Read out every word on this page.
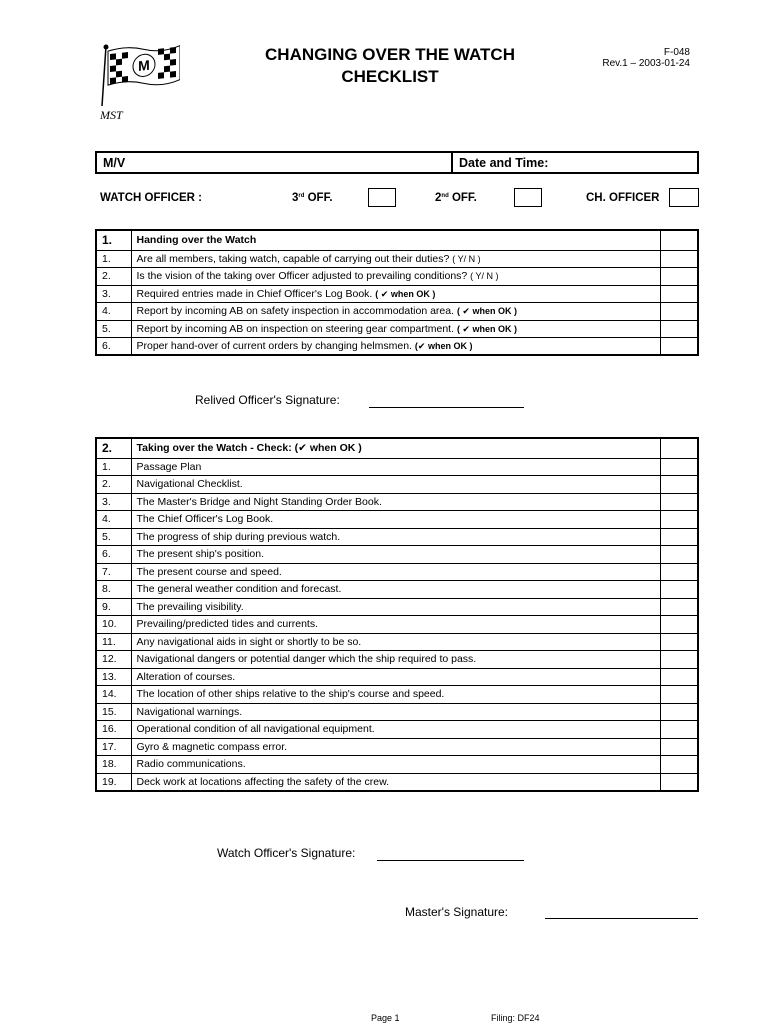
M
MST
CHANGING OVER THE WATCH
CHECKLIST
F-048
Rev.1 – 2003-01-24
M/V	Date and Time:
WATCH OFFICER :	3rd OFF.	2nd OFF.	CH. OFFICER
1.	Handing over the Watch	
1.	Are all members, taking watch, capable of carrying out their duties? ( Y/ N )	
2.	Is the vision of the taking over Officer adjusted to prevailing conditions? ( Y/ N )	
3.	Required entries made in Chief Officer's Log Book. ( ✔ when OK )	
4.	Report by incoming AB on safety inspection in accommodation area. ( ✔ when OK )	
5.	Report by incoming AB on inspection on steering gear compartment. ( ✔ when OK )	
6.	Proper hand-over of current orders by changing helmsmen. (✔ when OK )	
Relived Officer's Signature:
2.	Taking over the Watch - Check: (✔ when OK )	
1.	Passage Plan	
2.	Navigational Checklist.	
3.	The Master's Bridge and Night Standing Order Book.	
4.	The Chief Officer's Log Book.	
5.	The progress of ship during previous watch.	
6.	The present ship's position.	
7.	The present course and speed.	
8.	The general weather condition and forecast.	
9.	The prevailing visibility.	
10.	Prevailing/predicted tides and currents.	
11.	Any navigational aids in sight or shortly to be so.	
12.	Navigational dangers or potential danger which the ship required to pass.	
13.	Alteration of courses.	
14.	The location of other ships relative to the ship's course and speed.	
15.	Navigational warnings.	
16.	Operational condition of all navigational equipment.	
17.	Gyro & magnetic compass error.	
18.	Radio communications.	
19.	Deck work at locations affecting the safety of the crew.	
Watch Officer's Signature:
Master's Signature:
Page 1	Filing: DF24
